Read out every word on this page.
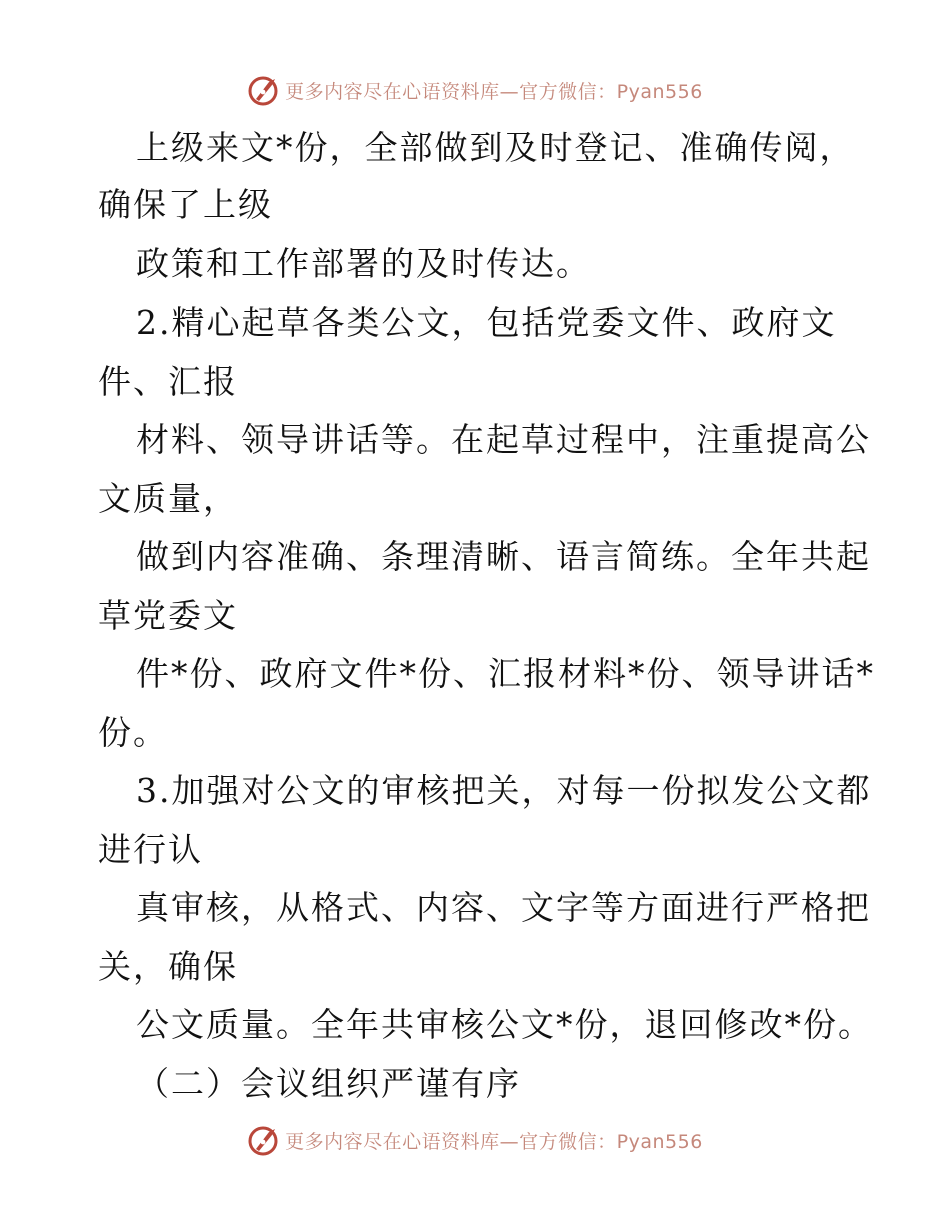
更多内容尽在心语资料库—官方微信：Pyan556
上级来文*份，全部做到及时登记、准确传阅，
确保了上级
政策和工作部署的及时传达。
2.精心起草各类公文，包括党委文件、政府文
件、汇报
材料、领导讲话等。在起草过程中，注重提高公
文质量，
做到内容准确、条理清晰、语言简练。全年共起
草党委文
件*份、政府文件*份、汇报材料*份、领导讲话*
份。
3.加强对公文的审核把关，对每一份拟发公文都
进行认
真审核，从格式、内容、文字等方面进行严格把
关，确保
公文质量。全年共审核公文*份，退回修改*份。
（二）会议组织严谨有序
更多内容尽在心语资料库—官方微信：Pyan556
